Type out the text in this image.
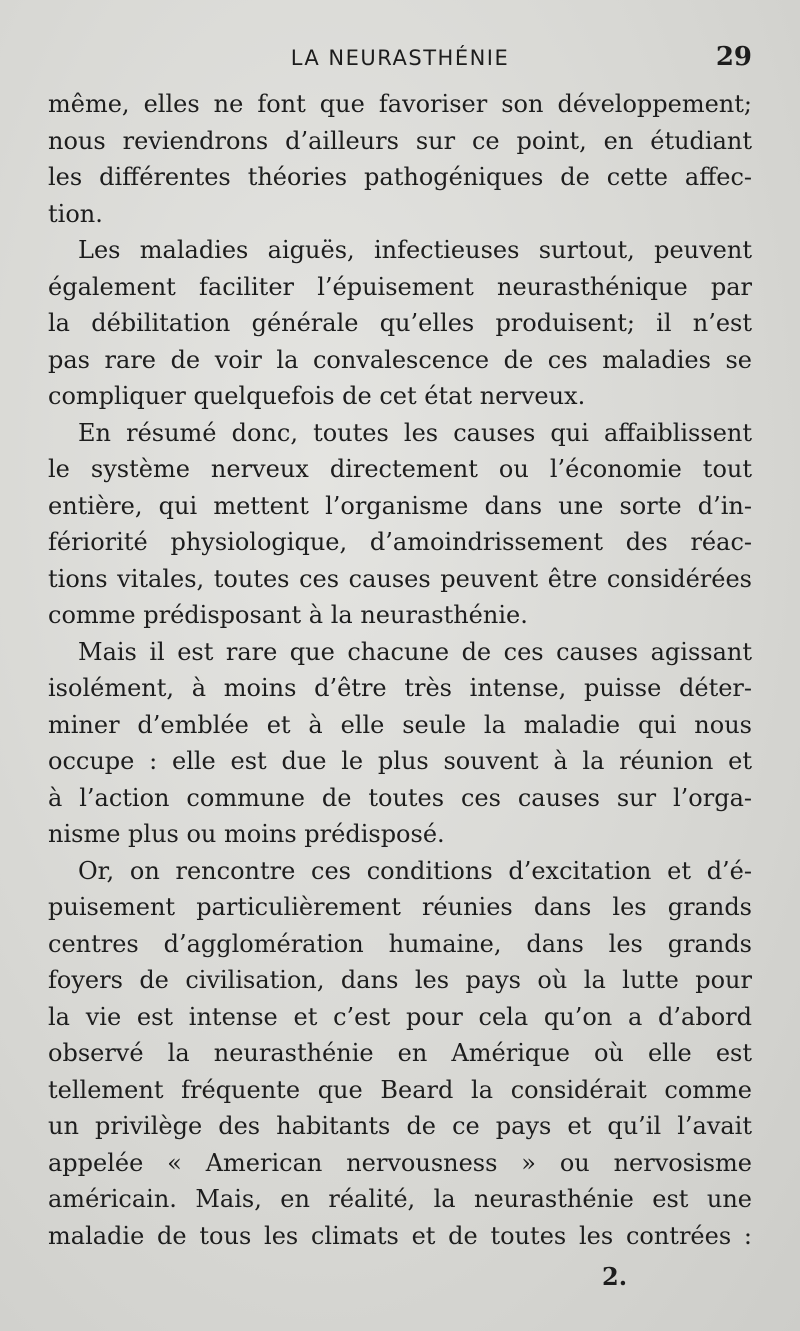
LA NEURASTHÉNIE	29
même, elles ne font que favoriser son développement;
nous reviendrons d’ailleurs sur ce point, en étudiant
les différentes théories pathogéniques de cette affec-
tion.
Les maladies aiguës, infectieuses surtout, peuvent
également faciliter l’épuisement neurasthénique par
la débilitation générale qu’elles produisent; il n’est
pas rare de voir la convalescence de ces maladies se
compliquer quelquefois de cet état nerveux.
En résumé donc, toutes les causes qui affaiblissent
le système nerveux directement ou l’économie tout
entière, qui mettent l’organisme dans une sorte d’in-
fériorité physiologique, d’amoindrissement des réac-
tions vitales, toutes ces causes peuvent être considérées
comme prédisposant à la neurasthénie.
Mais il est rare que chacune de ces causes agissant
isolément, à moins d’être très intense, puisse déter-
miner d’emblée et à elle seule la maladie qui nous
occupe : elle est due le plus souvent à la réunion et
à l’action commune de toutes ces causes sur l’orga-
nisme plus ou moins prédisposé.
Or, on rencontre ces conditions d’excitation et d’é-
puisement particulièrement réunies dans les grands
centres d’agglomération humaine, dans les grands
foyers de civilisation, dans les pays où la lutte pour
la vie est intense et c’est pour cela qu’on a d’abord
observé la neurasthénie en Amérique où elle est
tellement fréquente que Beard la considérait comme
un privilège des habitants de ce pays et qu’il l’avait
appelée « American nervousness » ou nervosisme
américain. Mais, en réalité, la neurasthénie est une
maladie de tous les climats et de toutes les contrées :
2.
